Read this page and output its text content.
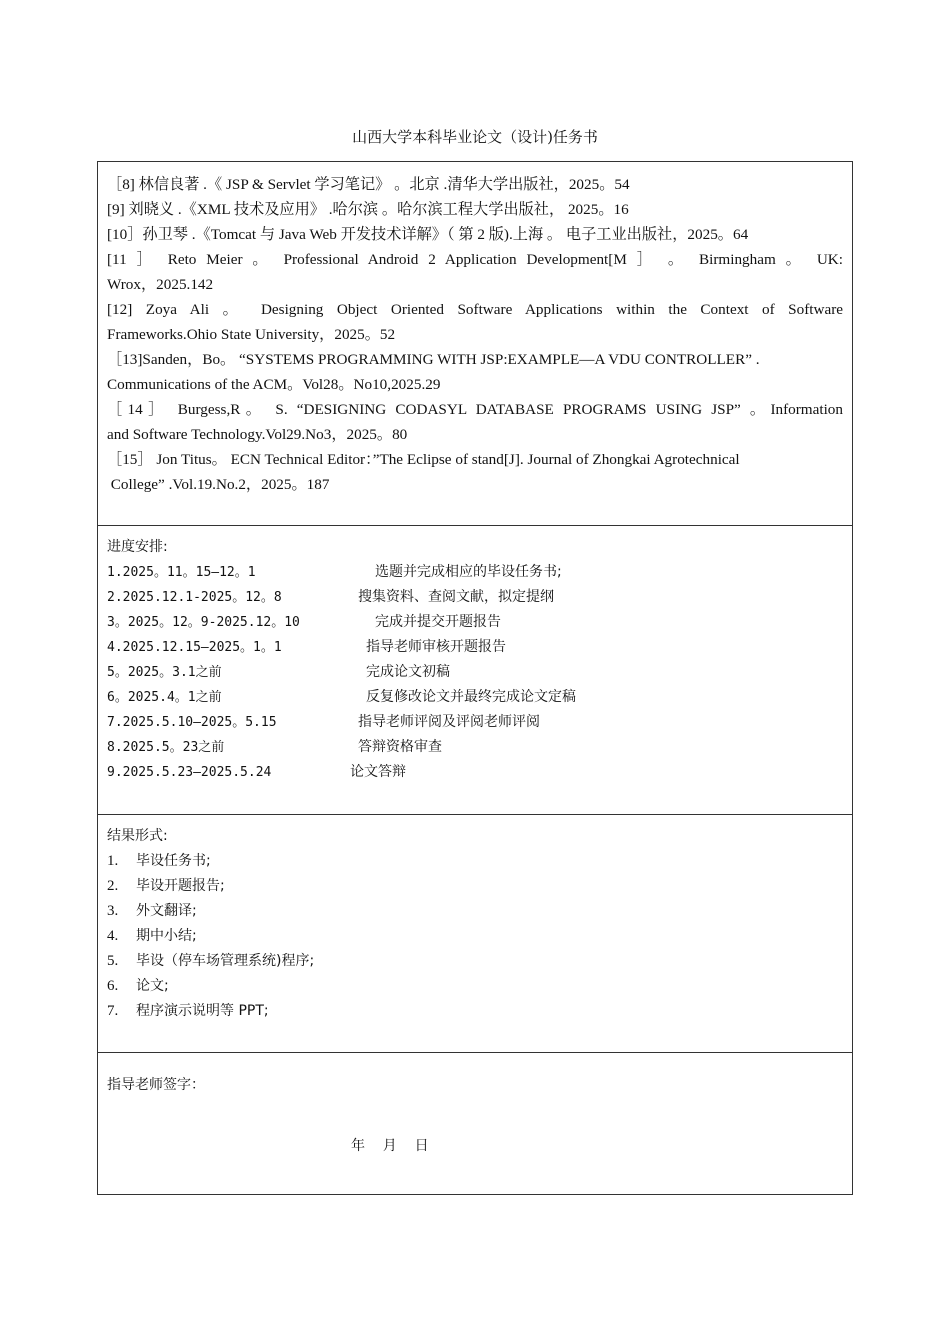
山西大学本科毕业论文（设计)任务书
［8] 林信良著 .《 JSP & Servlet 学习笔记》 。北京 .清华大学出版社，2025。54
[9] 刘晓义 .《XML 技术及应用》 .哈尔滨 。哈尔滨工程大学出版社， 2025。16
[10］孙卫琴 .《Tomcat 与 Java Web 开发技术详解》（ 第 2 版).上海 。 电子工业出版社，2025。64
[11 ］ Reto Meier 。 Professional Android 2 Application Development[M ］ 。 Birmingham 。 UK:
Wrox，2025.142
[12] Zoya Ali 。 Designing Object Oriented Software Applications within the Context of Software
Frameworks.Ohio State University，2025。52
［13]Sanden，Bo。 “SYSTEMS PROGRAMMING WITH JSP:EXAMPLE—A VDU CONTROLLER” .
Communications of the ACM。Vol28。No10,2025.29
［14］ Burgess,R。 S. “DESIGNING CODASYL DATABASE PROGRAMS USING JSP” 。Information
and Software Technology.Vol29.No3，2025。80
［15］ Jon Titus。 ECN Technical Editor：”The Eclipse of stand[J]. Journal of Zhongkai Agrotechnical
College” .Vol.19.No.2，2025。187
进度安排:
1.2025。11。15—12。1	选题并完成相应的毕设任务书;
2.2025.12.1-2025。12。8	搜集资料、查阅文献，拟定提纲
3。2025。12。9-2025.12。10	完成并提交开题报告
4.2025.12.15—2025。1。1	指导老师审核开题报告
5。2025。3.1之前	完成论文初稿
6。2025.4。1之前	反复修改论文并最终完成论文定稿
7.2025.5.10—2025。5.15	指导老师评阅及评阅老师评阅
8.2025.5。23之前	答辩资格审查
9.2025.5.23—2025.5.24	论文答辩
结果形式:
1. 毕设任务书;
2. 毕设开题报告;
3. 外文翻译;
4. 期中小结;
5. 毕设（停车场管理系统)程序;
6. 论文;
7. 程序演示说明等 PPT;
指导老师签字：
年    月    日
